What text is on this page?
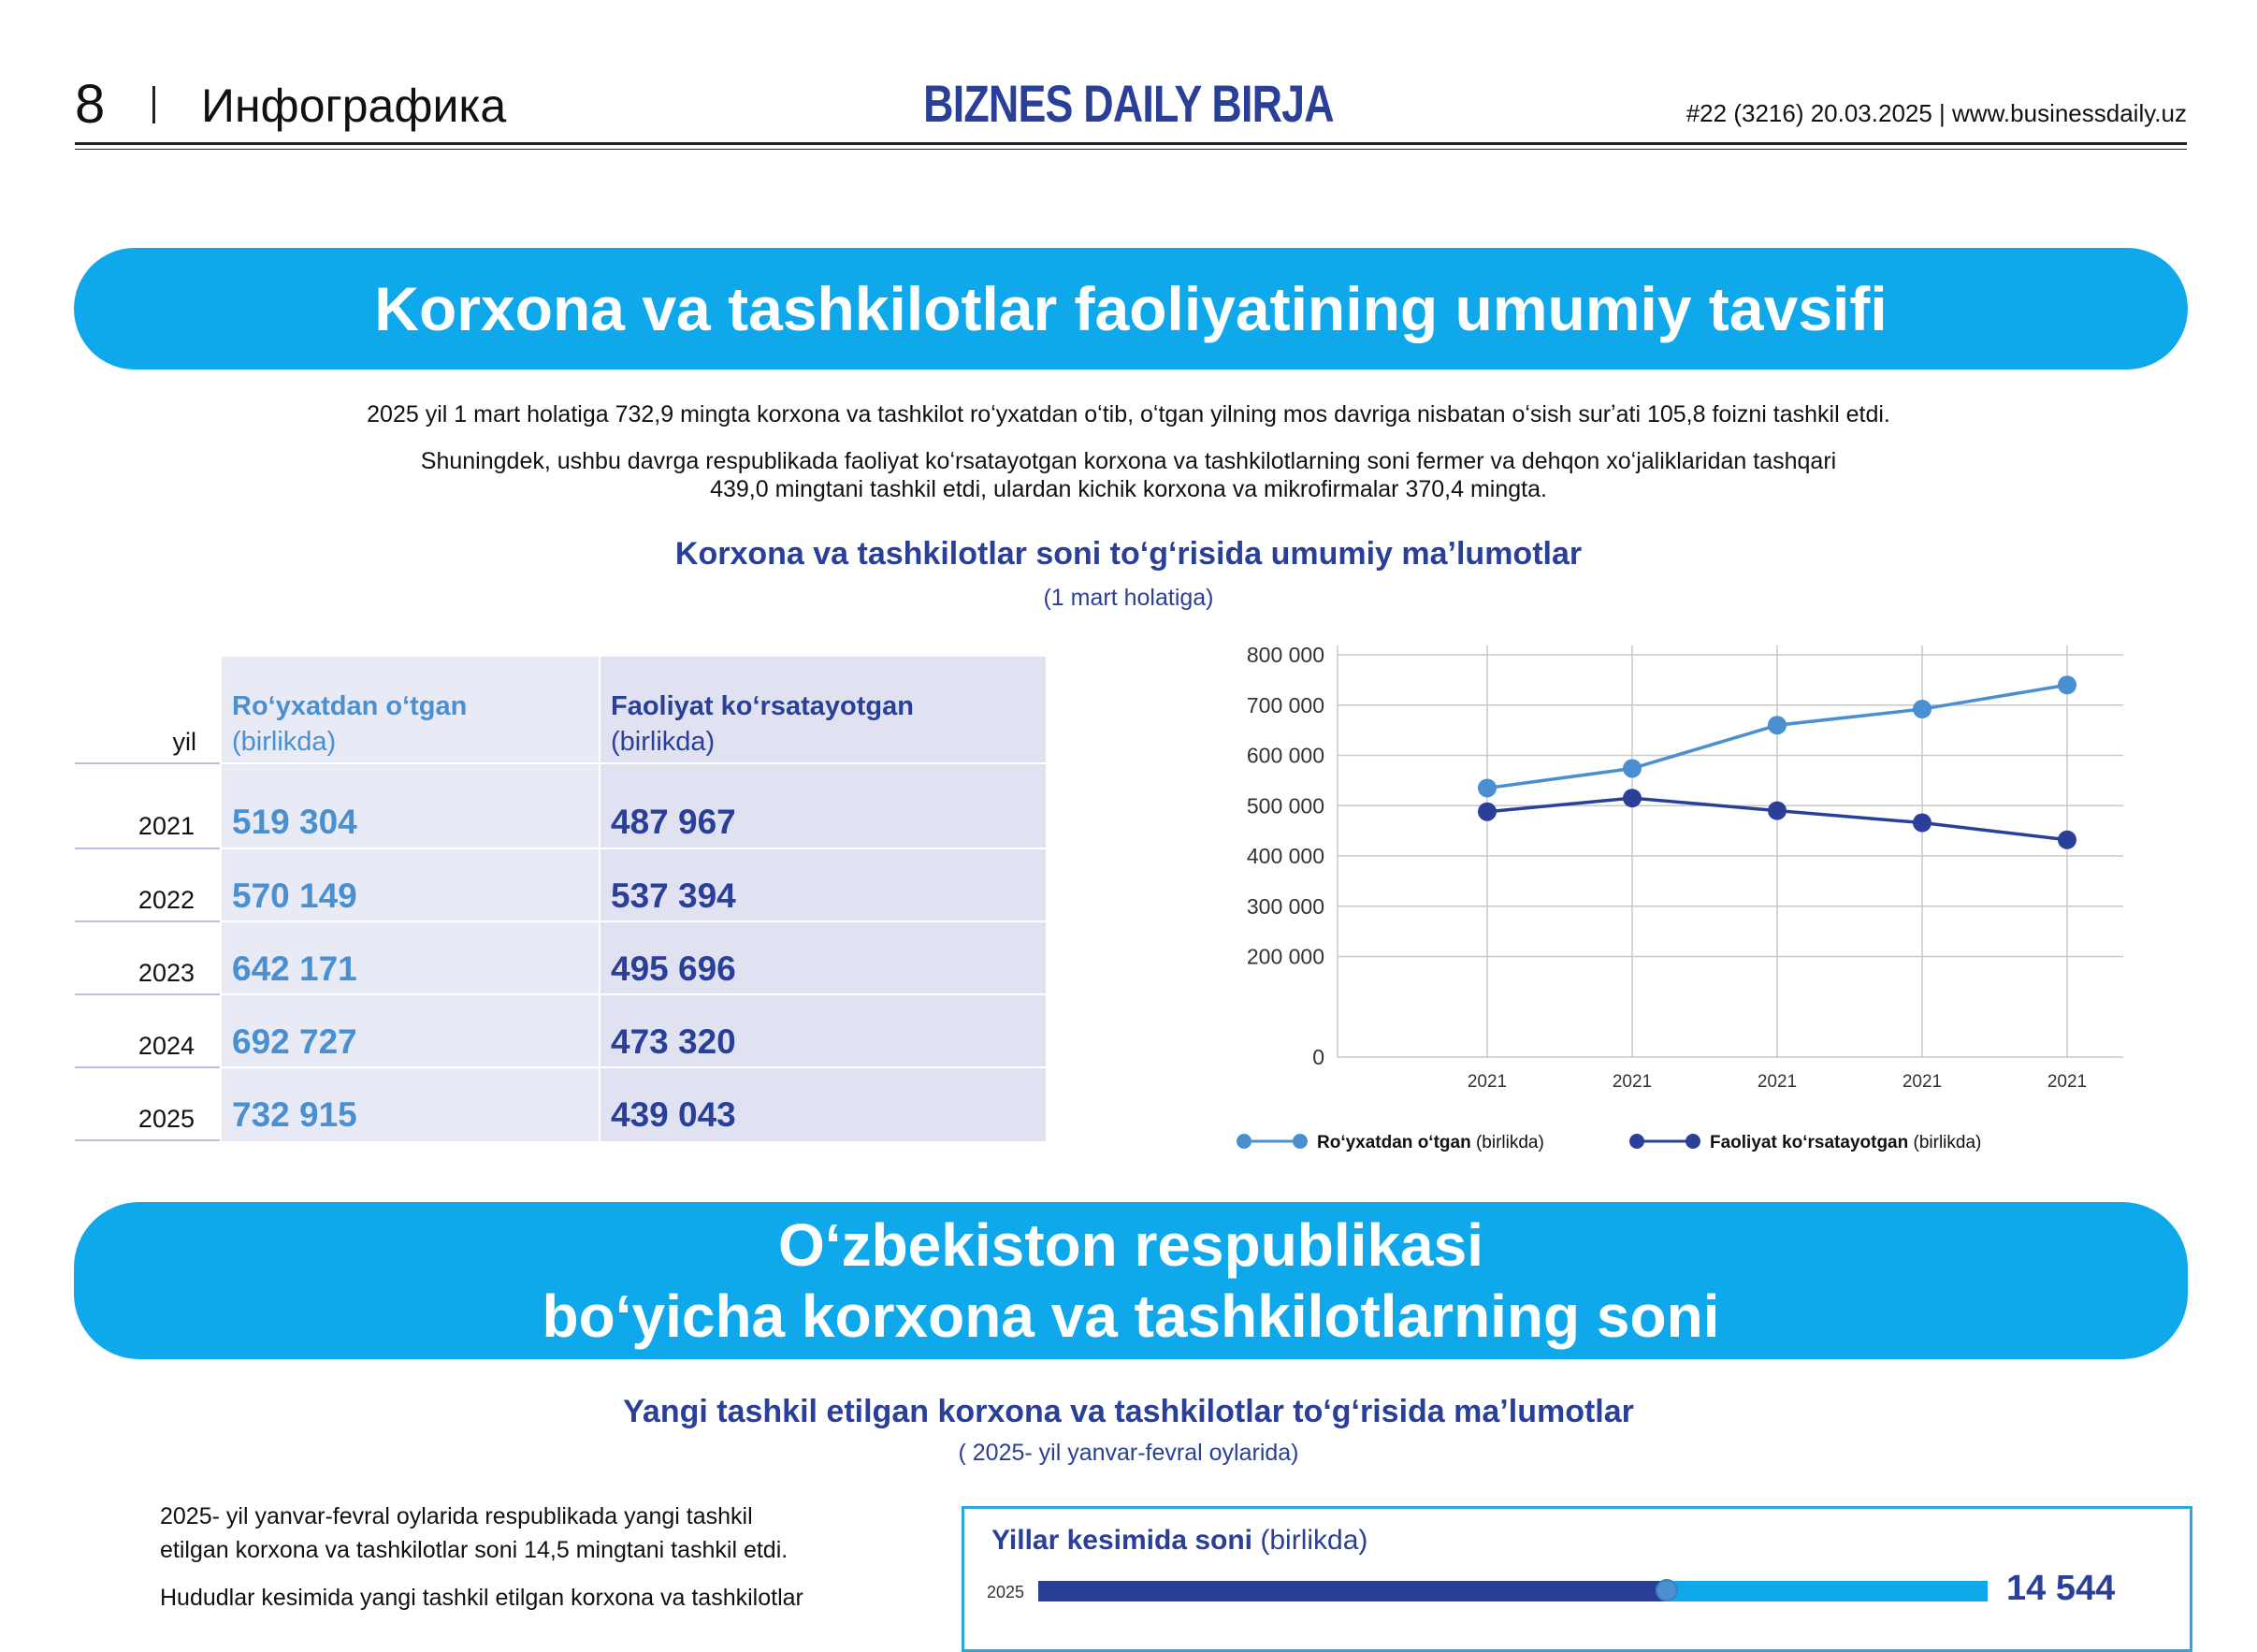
8 Инфографика	BIZNES DAILY BIRJA	#22 (3216) 20.03.2025 | www.businessdaily.uz
Korxona va tashkilotlar faoliyatining umumiy tavsifi
2025 yil 1 mart holatiga 732,9 mingta korxona va tashkilot roʻyxatdan oʻtib, oʻtgan yilning mos davriga nisbatan oʻsish surʼati 105,8 foizni tashkil etdi.
Shuningdek, ushbu davrga respublikada faoliyat koʻrsatayotgan korxona va tashkilotlarning soni fermer va dehqon xoʻjaliklaridan tashqari
439,0 mingtani tashkil etdi, ulardan kichik korxona va mikrofirmalar 370,4 mingta.
Korxona va tashkilotlar soni toʻgʻrisida umumiy maʼlumotlar
(1 mart holatiga)
yil
Roʻyxatdan oʻtgan
(birlikda)
Faoliyat koʻrsatayotgan
(birlikda)
2021 519 304	487 967
2022 570 149	537 394
2023 642 171	495 696
2024 692 727	473 320
2025 732 915	439 043
0
200 000
300 000
400 000
500 000
600 000
700 000
800 000
2021	2021	2021	2021	2021
Roʻyxatdan oʻtgan (birlikda)	Faoliyat koʻrsatayotgan (birlikda)
Oʻzbekiston respublikasi
boʻyicha korxona va tashkilotlarning soni
Yangi tashkil etilgan korxona va tashkilotlar toʻgʻrisida maʼlumotlar
( 2025- yil yanvar-fevral oylarida)
2025- yil yanvar-fevral oylarida respublikada yangi tashkil
etilgan korxona va tashkilotlar soni 14,5 mingtani tashkil etdi.
Hududlar kesimida yangi tashkil etilgan korxona va tashkilotlar
Yillar kesimida soni (birlikda)
2025	14 544
